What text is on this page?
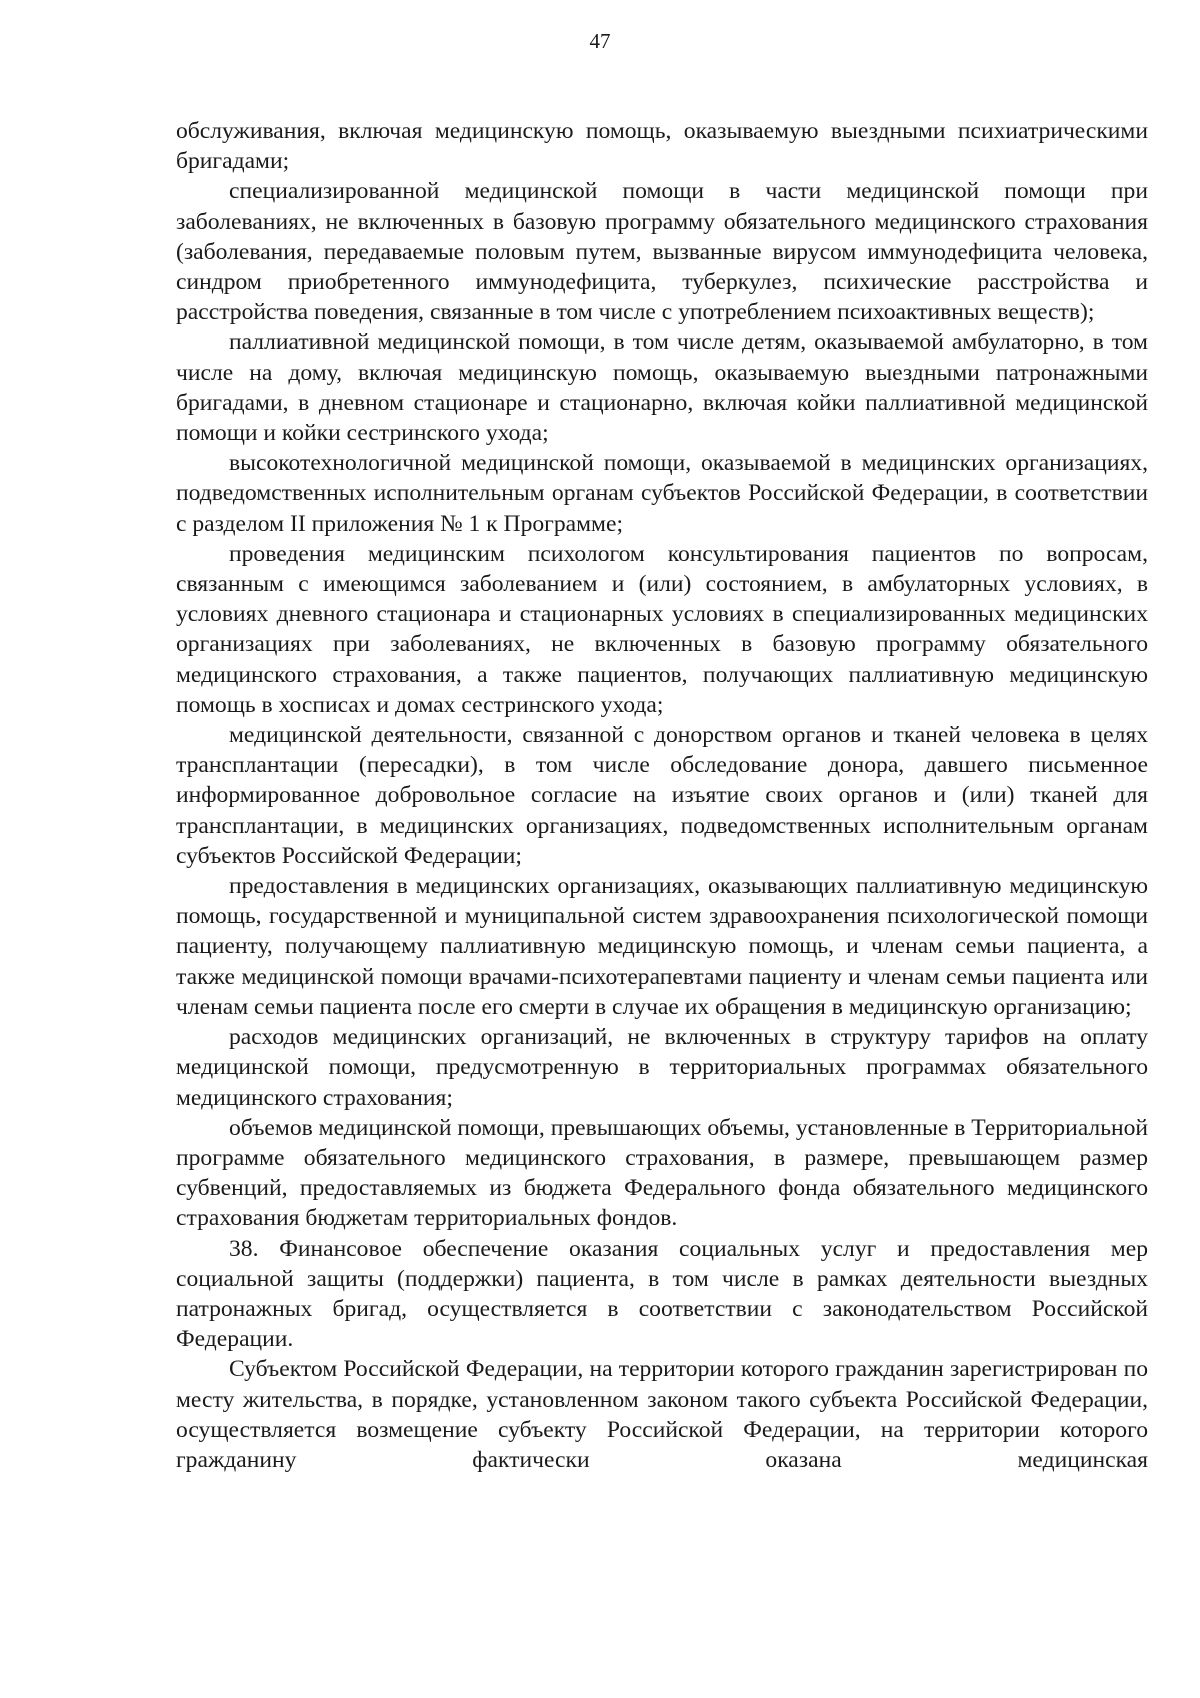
47

обслуживания, включая медицинскую помощь, оказываемую выездными психиатрическими бригадами;

специализированной медицинской помощи в части медицинской помощи при заболеваниях, не включенных в базовую программу обязательного медицинского страхования (заболевания, передаваемые половым путем, вызванные вирусом иммунодефицита человека, синдром приобретенного иммунодефицита, туберкулез, психические расстройства и расстройства поведения, связанные в том числе с употреблением психоактивных веществ);

паллиативной медицинской помощи, в том числе детям, оказываемой амбулаторно, в том числе на дому, включая медицинскую помощь, оказываемую выездными патронажными бригадами, в дневном стационаре и стационарно, включая койки паллиативной медицинской помощи и койки сестринского ухода;

высокотехнологичной медицинской помощи, оказываемой в медицинских организациях, подведомственных исполнительным органам субъектов Российской Федерации, в соответствии с разделом II приложения № 1 к Программе;

проведения медицинским психологом консультирования пациентов по вопросам, связанным с имеющимся заболеванием и (или) состоянием, в амбулаторных условиях, в условиях дневного стационара и стационарных условиях в специализированных медицинских организациях при заболеваниях, не включенных в базовую программу обязательного медицинского страхования, а также пациентов, получающих паллиативную медицинскую помощь в хосписах и домах сестринского ухода;

медицинской деятельности, связанной с донорством органов и тканей человека в целях трансплантации (пересадки), в том числе обследование донора, давшего письменное информированное добровольное согласие на изъятие своих органов и (или) тканей для трансплантации, в медицинских организациях, подведомственных исполнительным органам субъектов Российской Федерации;

предоставления в медицинских организациях, оказывающих паллиативную медицинскую помощь, государственной и муниципальной систем здравоохранения психологической помощи пациенту, получающему паллиативную медицинскую помощь, и членам семьи пациента, а также медицинской помощи врачами-психотерапевтами пациенту и членам семьи пациента или членам семьи пациента после его смерти в случае их обращения в медицинскую организацию;

расходов медицинских организаций, не включенных в структуру тарифов на оплату медицинской помощи, предусмотренную в территориальных программах обязательного медицинского страхования;

объемов медицинской помощи, превышающих объемы, установленные в Территориальной программе обязательного медицинского страхования, в размере, превышающем размер субвенций, предоставляемых из бюджета Федерального фонда обязательного медицинского страхования бюджетам территориальных фондов.

38. Финансовое обеспечение оказания социальных услуг и предоставления мер социальной защиты (поддержки) пациента, в том числе в рамках деятельности выездных патронажных бригад, осуществляется в соответствии с законодательством Российской Федерации.

Субъектом Российской Федерации, на территории которого гражданин зарегистрирован по месту жительства, в порядке, установленном законом такого субъекта Российской Федерации, осуществляется возмещение субъекту Российской Федерации, на территории которого гражданину фактически оказана медицинская
